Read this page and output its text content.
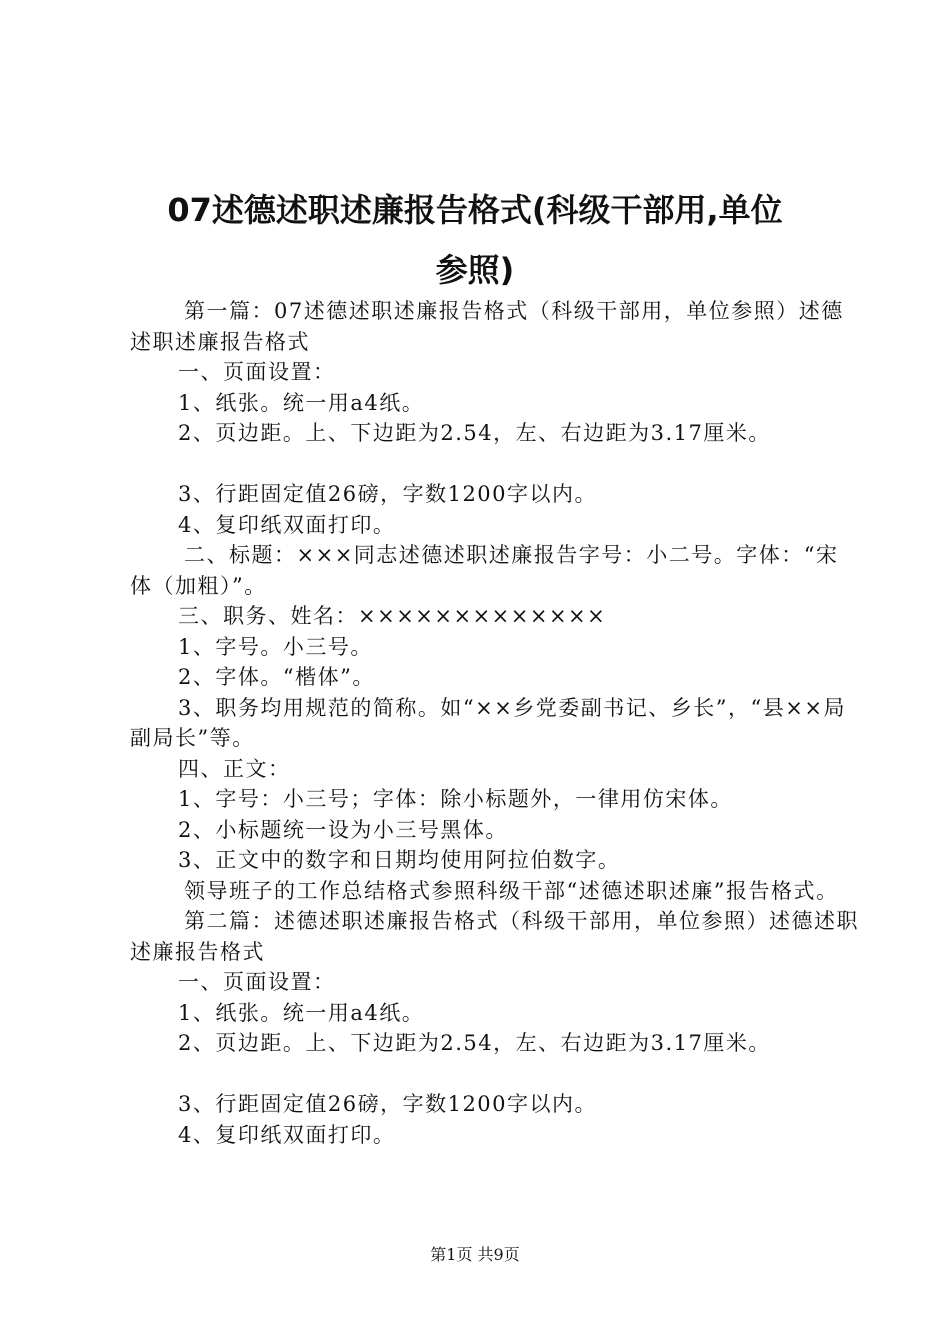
07述德述职述廉报告格式(科级干部用,单位
参照)

第一篇：07述德述职述廉报告格式（科级干部用，单位参照）述德述职述廉报告格式

一、页面设置：

1、纸张。统一用a4纸。

2、页边距。上、下边距为2.54，左、右边距为3.17厘米。

3、行距固定值26磅，字数1200字以内。

4、复印纸双面打印。

二、标题：×××同志述德述职述廉报告字号：小二号。字体：“宋体（加粗）”。

三、职务、姓名：×××××××××××××

1、字号。小三号。

2、字体。“楷体”。

3、职务均用规范的简称。如“××乡党委副书记、乡长”，“县××局副局长”等。

四、正文：

1、字号：小三号；字体：除小标题外，一律用仿宋体。

2、小标题统一设为小三号黑体。

3、正文中的数字和日期均使用阿拉伯数字。

领导班子的工作总结格式参照科级干部“述德述职述廉”报告格式。

第二篇：述德述职述廉报告格式（科级干部用，单位参照）述德述职述廉报告格式

一、页面设置：

1、纸张。统一用a4纸。

2、页边距。上、下边距为2.54，左、右边距为3.17厘米。

3、行距固定值26磅，字数1200字以内。

4、复印纸双面打印。

第1页 共9页
